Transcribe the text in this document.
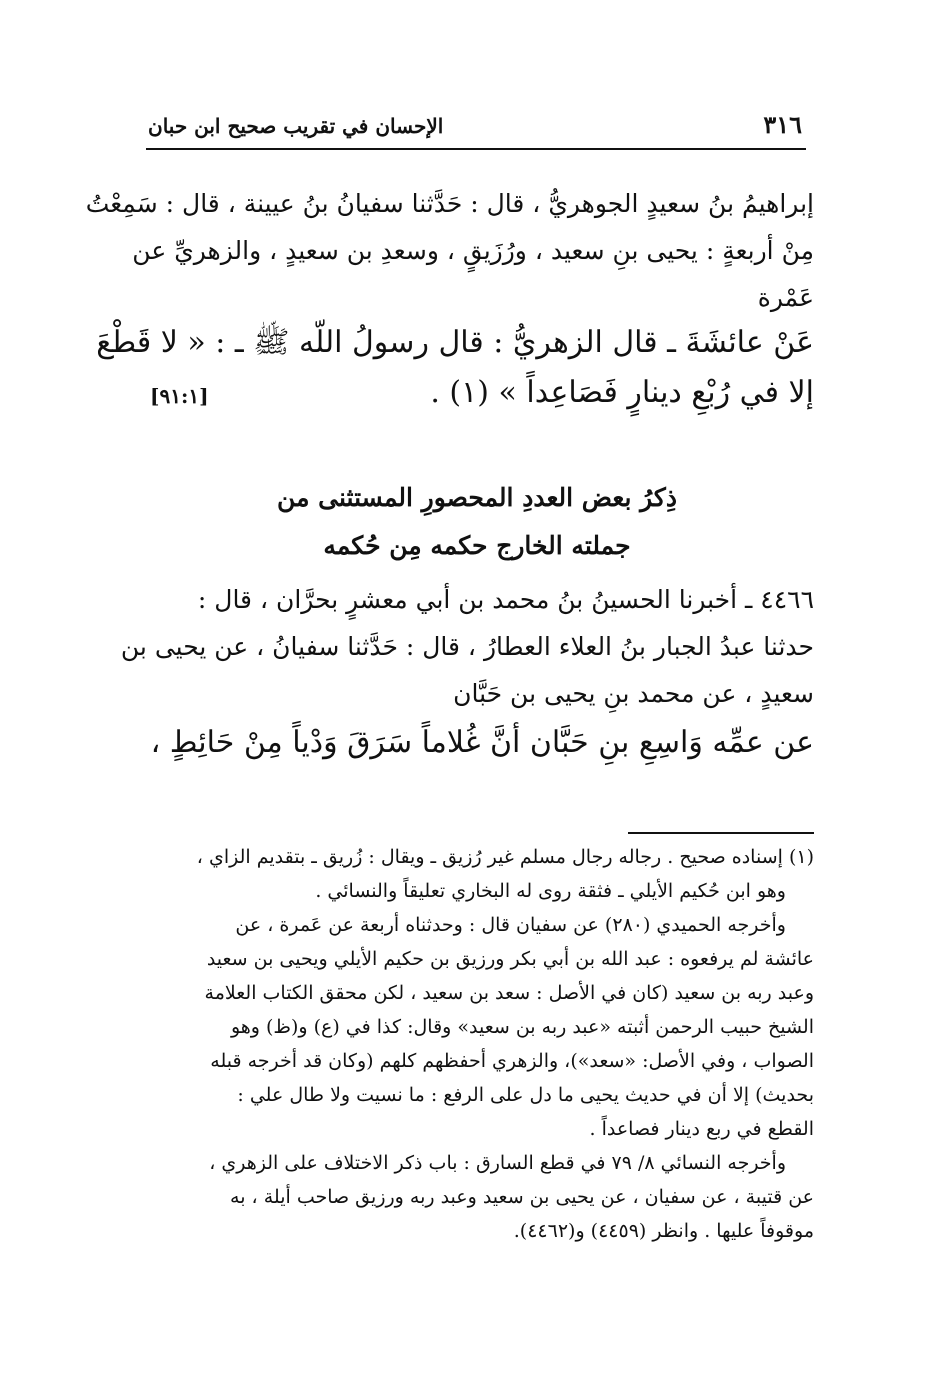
٣١٦
الإحسان في تقريب صحيح ابن حبان
إبراهيمُ بنُ سعيدٍ الجوهريُّ ، قال : حَدَّثنا سفيانُ بنُ عيينة ، قال : سَمِعْتُ
مِنْ أربعةٍ : يحيى بنِ سعيد ، ورُزَيقٍ ، وسعدِ بن سعيدٍ ، والزهريِّ عن
عَمْرة
عَنْ عائشَةَ ـ قال الزهريُّ : قال رسولُ اللّه ﷺ ـ : « لا قَطْعَ
إلا في رُبْعِ دينارٍ فَصَاعِداً » (١) .
[٩١:١]
ذِكرُ بعض العددِ المحصورِ المستثنى من
جملته الخارج حكمه مِن حُكمه
٤٤٦٦ ـ أخبرنا الحسينُ بنُ محمد بن أبي معشرٍ بحرَّان ، قال :
حدثنا عبدُ الجبار بنُ العلاء العطارُ ، قال : حَدَّثنا سفيانُ ، عن يحيى بن
سعيدٍ ، عن محمد بنِ يحيى بن حَبَّان
عن عمِّه وَاسِعِ بنِ حَبَّان أنَّ غُلاماً سَرَقَ وَدْياً مِنْ حَائِطٍ ،
(١) إسناده صحيح . رجاله رجال مسلم غير رُزيق ـ ويقال : زُريق ـ بتقديم الزاي ،
وهو ابن حُكيم الأيلي ـ فثقة روى له البخاري تعليقاً والنسائي .
وأخرجه الحميدي (٢٨٠) عن سفيان قال : وحدثناه أربعة عن عَمرة ، عن
عائشة لم يرفعوه : عبد الله بن أبي بكر ورزيق بن حكيم الأيلي ويحيى بن سعيد
وعبد ربه بن سعيد (كان في الأصل : سعد بن سعيد ، لكن محقق الكتاب العلامة
الشيخ حبيب الرحمن أثبته «عبد ربه بن سعيد» وقال: كذا في (ع) و(ظ) وهو
الصواب ، وفي الأصل: «سعد»)، والزهري أحفظهم كلهم (وكان قد أخرجه قبله
بحديث) إلا أن في حديث يحيى ما دل على الرفع : ما نسيت ولا طال علي :
القطع في ربع دينار فصاعداً .
وأخرجه النسائي ٨/ ٧٩ في قطع السارق : باب ذكر الاختلاف على الزهري ،
عن قتيبة ، عن سفيان ، عن يحيى بن سعيد وعبد ربه ورزيق صاحب أيلة ، به
موقوفاً عليها . وانظر (٤٤٥٩) و(٤٤٦٢).
